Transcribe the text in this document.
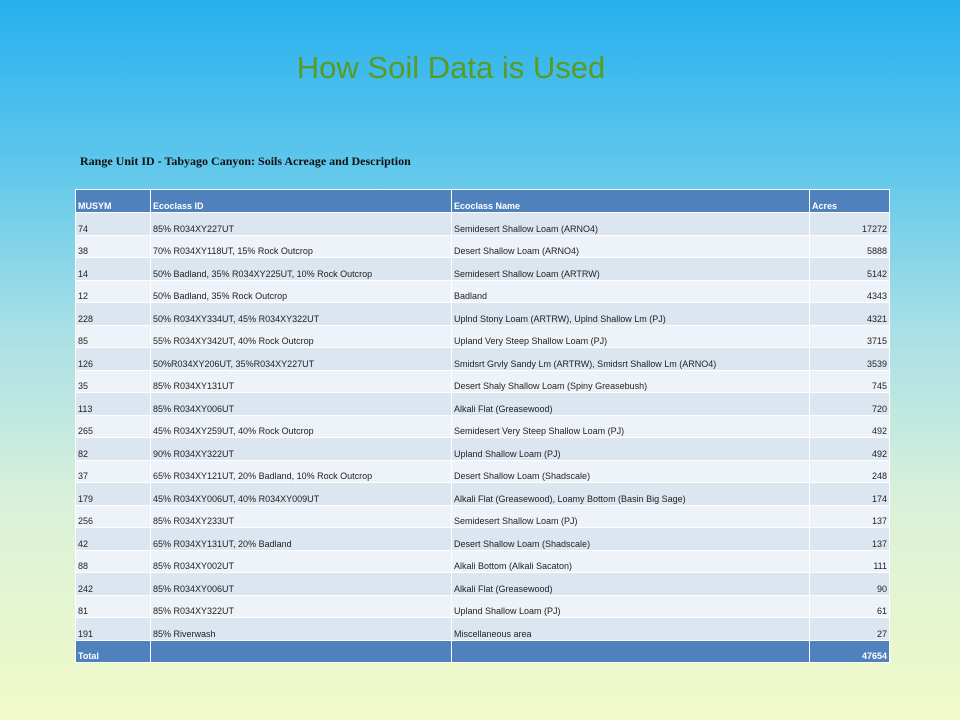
How Soil Data is Used
Range Unit ID - Tabyago Canyon: Soils Acreage and Description
MUSYM	Ecoclass ID	Ecoclass Name	Acres
74	85% R034XY227UT	Semidesert Shallow Loam (ARNO4)	17272
38	70% R034XY118UT, 15% Rock Outcrop	Desert Shallow Loam (ARNO4)	5888
14	50% Badland, 35% R034XY225UT, 10% Rock Outcrop	Semidesert Shallow Loam (ARTRW)	5142
12	50% Badland, 35% Rock Outcrop	Badland	4343
228	50% R034XY334UT, 45% R034XY322UT	Uplnd Stony Loam (ARTRW), Uplnd Shallow Lm (PJ)	4321
85	55% R034XY342UT, 40% Rock Outcrop	Upland Very Steep Shallow Loam (PJ)	3715
126	50%R034XY206UT, 35%R034XY227UT	Smidsrt Grvly Sandy Lm (ARTRW), Smidsrt Shallow Lm (ARNO4)	3539
35	85% R034XY131UT	Desert Shaly Shallow Loam (Spiny Greasebush)	745
113	85% R034XY006UT	Alkali Flat (Greasewood)	720
265	45% R034XY259UT, 40% Rock Outcrop	Semidesert Very Steep Shallow Loam (PJ)	492
82	90% R034XY322UT	Upland Shallow Loam (PJ)	492
37	65% R034XY121UT, 20% Badland, 10% Rock Outcrop	Desert Shallow Loam (Shadscale)	248
179	45% R034XY006UT, 40% R034XY009UT	Alkali Flat (Greasewood), Loamy Bottom (Basin Big Sage)	174
256	85% R034XY233UT	Semidesert Shallow Loam (PJ)	137
42	65% R034XY131UT, 20% Badland	Desert Shallow Loam (Shadscale)	137
88	85% R034XY002UT	Alkali Bottom (Alkali Sacaton)	111
242	85% R034XY006UT	Alkali Flat (Greasewood)	90
81	85% R034XY322UT	Upland Shallow Loam (PJ)	61
191	85% Riverwash	Miscellaneous area	27
Total			47654
